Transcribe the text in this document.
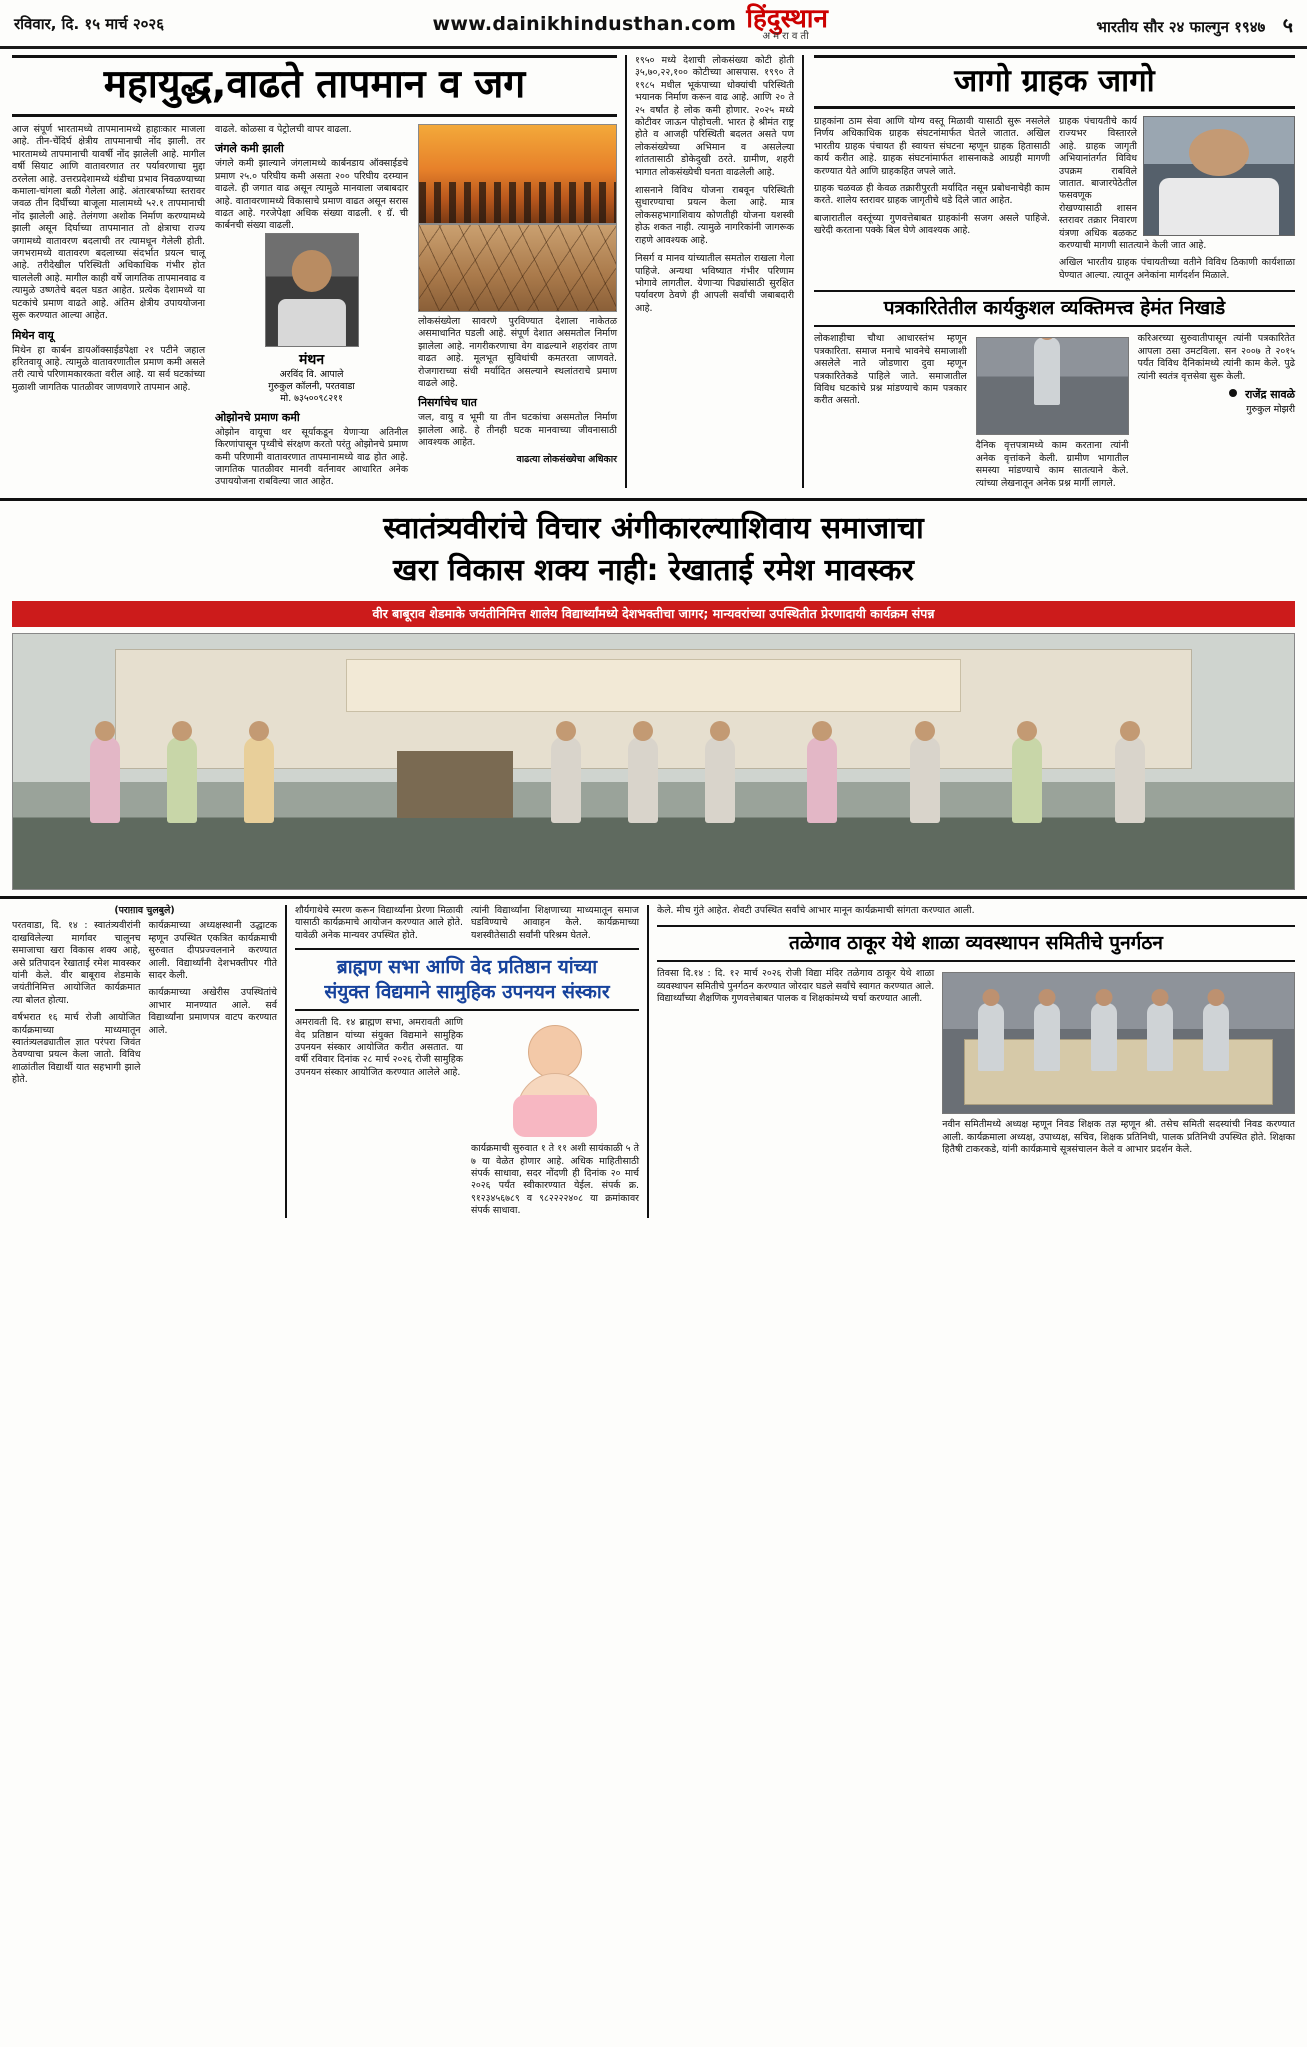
रविवार, दि. १५ मार्च २०२६	www.dainikhindusthan.com हिंदुस्थान
अमरावती
भारतीय सौर २४ फाल्गुन १९४७ ५
महायुद्ध,वाढते तापमान व जग
आज संपूर्ण भारतामध्ये तापमानामध्ये हाहाःकार माजला आहे. तीन-चेंदिर्घ क्षेत्रीय तापमानाची नोंद झाली. तर भारतामध्ये तापमानाची यावर्षी नोंद झालेली आहे. मागील वर्षी सियाट आणि वातावरणात तर पर्यावरणाचा मुद्दा ठरलेला आहे. उत्तरप्रदेशामध्ये थंडीचा प्रभाव निवळण्याच्या कमाला-चांगला बळी गेलेला आहे. अंतारबर्फाच्या स्तरावर जवळ तीन दिर्घीच्या बाजूला मालामध्ये ५२.१ तापमानाची नोंद झालेली आहे. तेलंगणा अशोक निर्माण करण्यामध्ये झाली असून दिर्घाच्या तापमानात तो क्षेत्राचा राज्य जगामध्ये वातावरण बदलाची तर त्यामधून गेलेली होती. जगभरामध्ये वातावरण बदलाच्या संदर्भात प्रयत्न चालू आहे. तरीदेखील परिस्थिती अधिकाधिक गंभीर होत चाललेली आहे. मागील काही वर्षे जागतिक तापमानवाढ व त्यामुळे उष्णतेचे बदल घडत आहेत. प्रत्येक देशामध्ये या घटकांचे प्रमाण वाढते आहे. अंतिम क्षेत्रीय उपाययोजना सुरू करण्यात आल्या आहेत.
मिथेन वायू
मिथेन हा कार्बन डायऑक्साईडपेक्षा २१ पटीने जहाल हरितवायू आहे. त्यामुळे वातावरणातील प्रमाण कमी असले तरी त्याचे परिणामकारकता वरील आहे. या सर्व घटकांच्या मुळाशी जागतिक पातळीवर जाणवणारे तापमान आहे.
वाढले. कोळसा व पेट्रोलची वापर वाढला.
जंगले कमी झाली
जंगले कमी झाल्याने जंगलामध्ये कार्बनडाय ऑक्साईडचे प्रमाण २५.० परिघीय कमी असता २०० परिघीय दरम्यान वाढले. ही जगात वाढ असून त्यामुळे मानवाला जबाबदार आहे. वातावरणामध्ये विकासाचे प्रमाण वाढत असून सरास वाढत आहे. गरजेपेक्षा अधिक संख्या वाढली. १ ग्रॅ. ची कार्बनची संख्या वाढली.
मंथन
अरविंद वि. आपाले
गुरुकुल कॉलनी, परतवाडा
मो. ७३५००९८२११
ओझोनचे प्रमाण कमी
ओझोन वायूचा थर सूर्याकडून येणाऱ्या अतिनील किरणांपासून पृथ्वीचे संरक्षण करतो परंतु ओझोनचे प्रमाण कमी परिणामी वातावरणात तापमानामध्ये वाढ होत आहे. जागतिक पातळीवर मानवी वर्तनावर आधारित अनेक उपाययोजना राबविल्या जात आहेत.
लोकसंख्येला सावरणे पुरविण्यात देशाला नाकेतळ असमाधानित घडली आहे. संपूर्ण देशात असमतोल निर्माण झालेला आहे. नागरीकरणाचा वेग वाढल्याने शहरांवर ताण वाढत आहे. मूलभूत सुविधांची कमतरता जाणवते. रोजगाराच्या संधी मर्यादित असल्याने स्थलांतराचे प्रमाण वाढले आहे.
निसर्गाचेच घात
जल, वायु व भूमी या तीन घटकांचा असमतोल निर्माण झालेला आहे. हे तीनही घटक मानवाच्या जीवनासाठी आवश्यक आहेत.
वाढत्या लोकसंख्येचा अधिकार
१९५० मध्ये देशाची लोकसंख्या कोटी होती ३५,७०,२२,१०० कोटीच्या आसपास. १९९० ते १९८५ मधील भूकंपाच्या धोक्यांची परिस्थिती भयानक निर्माण करून वाढ आहे. आणि २० ते २५ वर्षांत हे लोक कमी होणार. २०२५ मध्ये कोटीवर जाऊन पोहोचली. भारत हे श्रीमंत राष्ट्र होते व आजही परिस्थिती बदलत असते पण लोकसंख्येच्या अभिमान व असलेल्या शांततासाठी डोकेदुखी ठरते. ग्रामीण, शहरी भागात लोकसंख्येची घनता वाढलेली आहे.
शासनाने विविध योजना राबवून परिस्थिती सुधारण्याचा प्रयत्न केला आहे. मात्र लोकसहभागाशिवाय कोणतीही योजना यशस्वी होऊ शकत नाही. त्यामुळे नागरिकांनी जागरूक राहणे आवश्यक आहे.
निसर्ग व मानव यांच्यातील समतोल राखला गेला पाहिजे. अन्यथा भविष्यात गंभीर परिणाम भोगावे लागतील. येणाऱ्या पिढ्यांसाठी सुरक्षित पर्यावरण ठेवणे ही आपली सर्वांची जबाबदारी आहे.
जागो ग्राहक जागो
ग्राहकांना ठाम सेवा आणि योग्य वस्तू मिळावी यासाठी सुरू नसलेले निर्णय अधिकाधिक ग्राहक संघटनांमार्फत घेतले जातात. अखिल भारतीय ग्राहक पंचायत ही स्वायत्त संघटना म्हणून ग्राहक हितासाठी कार्य करीत आहे. ग्राहक संघटनांमार्फत शासनाकडे आग्रही मागणी करण्यात येते आणि ग्राहकहित जपले जाते.
ग्राहक चळवळ ही केवळ तक्रारीपुरती मर्यादित नसून प्रबोधनाचेही काम करते. शालेय स्तरावर ग्राहक जागृतीचे धडे दिले जात आहेत.
बाजारातील वस्तूंच्या गुणवत्तेबाबत ग्राहकांनी सजग असले पाहिजे. खरेदी करताना पक्के बिल घेणे आवश्यक आहे.
ग्राहक पंचायतीचे कार्य राज्यभर विस्तारले आहे. ग्राहक जागृती अभियानांतर्गत विविध उपक्रम राबविले जातात. बाजारपेठेतील फसवणूक रोखण्यासाठी शासन स्तरावर तक्रार निवारण यंत्रणा अधिक बळकट करण्याची मागणी सातत्याने केली जात आहे.
अखिल भारतीय ग्राहक पंचायतीच्या वतीने विविध ठिकाणी कार्यशाळा घेण्यात आल्या. त्यातून अनेकांना मार्गदर्शन मिळाले.
पत्रकारितेतील कार्यकुशल व्यक्तिमत्त्व हेमंत निखाडे
लोकशाहीचा चौथा आधारस्तंभ म्हणून पत्रकारिता. समाज मनाचे भावनेचे समाजाशी असलेले नाते जोडणारा दुवा म्हणून पत्रकारितेकडे पाहिले जाते. समाजातील विविध घटकांचे प्रश्न मांडण्याचे काम पत्रकार करीत असतो.
दैनिक वृत्तपत्रामध्ये काम करताना त्यांनी अनेक वृत्तांकने केली. ग्रामीण भागातील समस्या मांडण्याचे काम सातत्याने केले. त्यांच्या लेखनातून अनेक प्रश्न मार्गी लागले.
करिअरच्या सुरुवातीपासून त्यांनी पत्रकारितेत आपला ठसा उमटविला. सन २००७ ते २०१५ पर्यंत विविध दैनिकांमध्ये त्यांनी काम केले. पुढे त्यांनी स्वतंत्र वृत्तसेवा सुरू केली.
राजेंद्र सावळे
गुरुकुल मोझरी
स्वातंत्र्यवीरांचे विचार अंगीकारल्याशिवाय समाजाचा
खरा विकास शक्य नाही: रेखाताई रमेश मावस्कर
वीर बाबूराव शेडमाके जयंतीनिमित्त शालेय विद्यार्थ्यांमध्ये देशभक्तीचा जागर; मान्यवरांच्या उपस्थितीत प्रेरणादायी कार्यक्रम संपन्न
(पराग़ाव चुलबुले)
परतवाडा, दि. १४ : स्वातंत्र्यवीरांनी दाखविलेल्या मार्गावर चालूनच समाजाचा खरा विकास शक्य आहे, असे प्रतिपादन रेखाताई रमेश मावस्कर यांनी केले. वीर बाबूराव शेडमाके जयंतीनिमित्त आयोजित कार्यक्रमात त्या बोलत होत्या.
वर्षभरात १६ मार्च रोजी आयोजित कार्यक्रमाच्या माध्यमातून स्वातंत्र्यलढ्यातील ज्ञात परंपरा जिवंत ठेवण्याचा प्रयत्न केला जातो. विविध शाळांतील विद्यार्थी यात सहभागी झाले होते.
कार्यक्रमाच्या अध्यक्षस्थानी उद्धाटक म्हणून उपस्थित एकत्रित कार्यक्रमाची सुरुवात दीपप्रज्वलनाने करण्यात आली. विद्यार्थ्यांनी देशभक्तीपर गीते सादर केली.
कार्यक्रमाच्या अखेरीस उपस्थितांचे आभार मानण्यात आले. सर्व विद्यार्थ्यांना प्रमाणपत्र वाटप करण्यात आले.
शौर्यगाथेचे स्मरण करून विद्यार्थ्यांना प्रेरणा मिळावी यासाठी कार्यक्रमाचे आयोजन करण्यात आले होते. यावेळी अनेक मान्यवर उपस्थित होते.
त्यांनी विद्यार्थ्यांना शिक्षणाच्या माध्यमातून समाज घडविण्याचे आवाहन केले. कार्यक्रमाच्या यशस्वीतेसाठी सर्वांनी परिश्रम घेतले.
ब्राह्मण सभा आणि वेद प्रतिष्ठान यांच्या
संयुक्त विद्यमाने सामुहिक उपनयन संस्कार
अमरावती दि. १४ ब्राह्मण सभा, अमरावती आणि वेद प्रतिष्ठान यांच्या संयुक्त विद्यमाने सामुहिक उपनयन संस्कार आयोजित करीत असतात. या वर्षी रविवार दिनांक २८ मार्च २०२६ रोजी सामुहिक उपनयन संस्कार आयोजित करण्यात आलेले आहे.
कार्यक्रमाची सुरुवात १ ते ११ अशी सायंकाळी ५ ते ७ या वेळेत होणार आहे. अधिक माहितीसाठी संपर्क साधावा, सदर नोंदणी ही दिनांक २० मार्च २०२६ पर्यंत स्वीकारण्यात येईल. संपर्क क्र. ९१२३४५६७८९ व ९८२२२२४०८ या क्रमांकावर संपर्क साधावा.
केले. मीच गुंते आहेत. शेवटी उपस्थित सर्वांचे आभार मानून कार्यक्रमाची सांगता करण्यात आली.
तळेगाव ठाकूर येथे शाळा व्यवस्थापन समितीचे पुनर्गठन
तिवसा दि.१४ : दि. १२ मार्च २०२६ रोजी विद्या मंदिर तळेगाव ठाकूर येथे शाळा व्यवस्थापन समितीचे पुनर्गठन करण्यात जोरदार घडले सर्वांचे स्वागत करण्यात आले. विद्यार्थ्यांच्या शैक्षणिक गुणवत्तेबाबत पालक व शिक्षकांमध्ये चर्चा करण्यात आली.
नवीन समितीमध्ये अध्यक्ष म्हणून निवड शिक्षक तज्ञ म्हणून श्री. तसेच समिती सदस्यांची निवड करण्यात आली. कार्यक्रमाला अध्यक्ष, उपाध्यक्ष, सचिव, शिक्षक प्रतिनिधी, पालक प्रतिनिधी उपस्थित होते. शिक्षका हितैषी टाकरकडे, यांनी कार्यक्रमाचे सूत्रसंचालन केले व आभार प्रदर्शन केले.
